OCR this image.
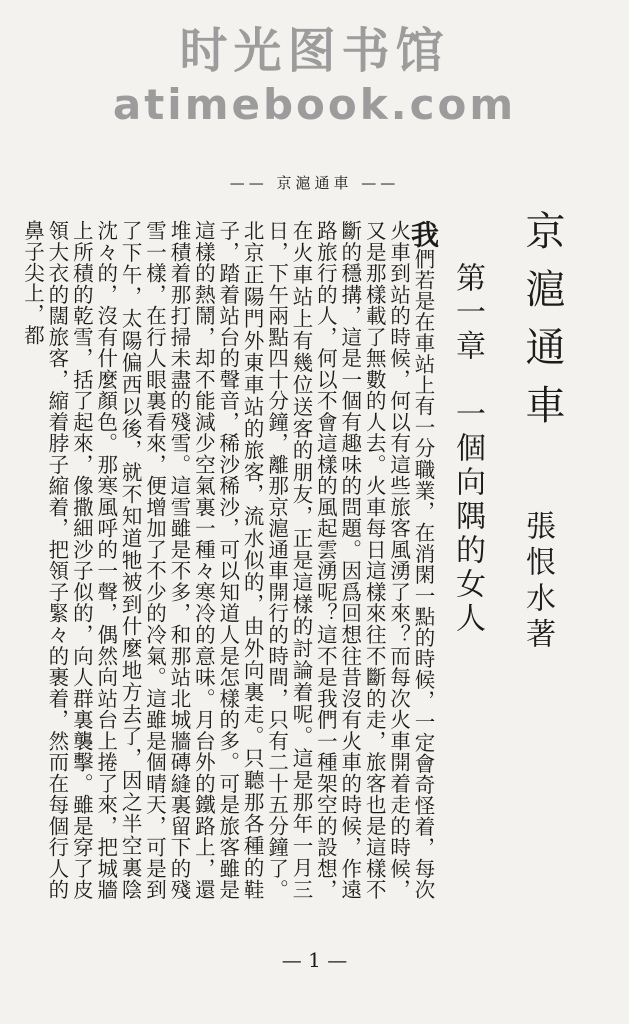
时光图书馆
atimebook.com
—— 京滬通車 ——
京滬通車
張恨水著
第一章　一個向隅的女人

我們若是在車站上有一分職業，在消閑一點的時候，一定會奇怪着，每次火車到站的時候，何以有這些旅客風湧了來？而每次火車開着走的時候，又是那樣載了無數的人去。火車每日這樣來往不斷的走，旅客也是這樣不斷的穩搆，這是一個有趣味的問題。因爲回想往昔沒有火車的時候，作遠路旅行的人，何以不會這樣的風起雲湧呢？這不是我們一種架空的設想，在火車站上有幾位送客的朋友，正是這樣的討論着呢。這是那年一月三日，下午兩點四十分鐘，離那京滬通車開行的時間，只有二十五分鐘了。北京正陽門外東車站的旅客，流水似的，由外向裏走。只聽那各種的鞋子，踏着站台的聲音，稀沙稀沙，可以知道人是怎樣的多。可是旅客雖是這樣的熱鬧，却不能減少空氣裏一種々寒冷的意味。月台外的鐵路上，還堆積着那打掃未盡的殘雪。這雪雖是不多，和那站北城牆磚縫裏留下的殘雪一樣，在行人眼裏看來，便增加了不少的冷氣。這雖是個晴天，可是到了下午，太陽偏西以後，就不知道牠被到什麼地方去了，因之半空裏陰沈々的，沒有什麼顏色。那寒風呼的一聲，偶然向站台上捲了來，把城牆上所積的乾雪，括了起來，像撒細沙子似的，向人群裏襲擊。雖是穿了皮領大衣的闊旅客，縮着脖子縮着，把領子緊々的裹着，然而在每個行人的鼻子尖上，都

— 1 —
